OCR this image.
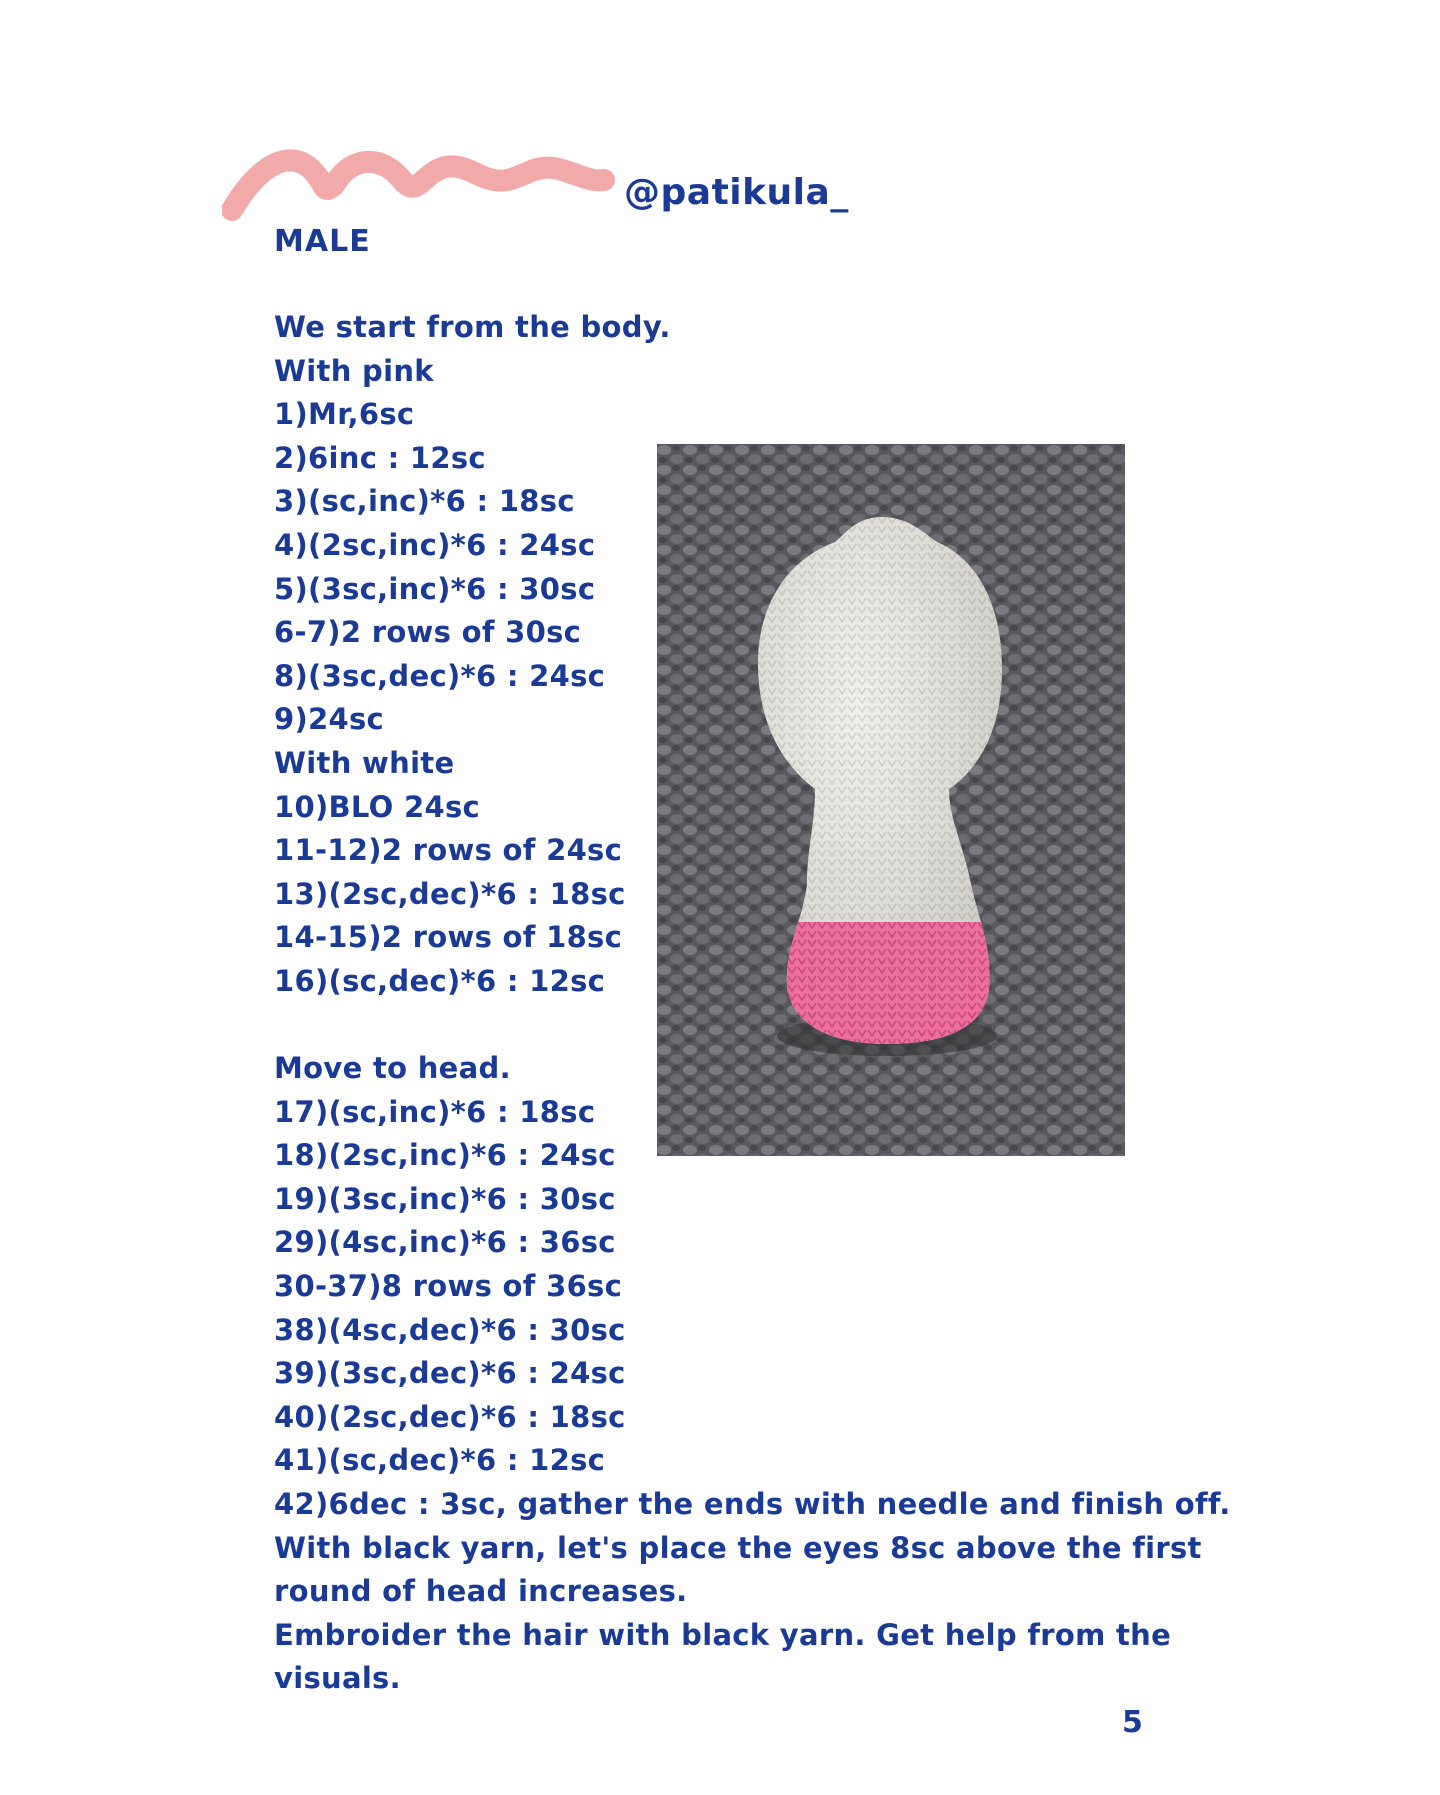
@patikula_
MALE
We start from the body.
With pink
1)Mr,6sc
2)6inc : 12sc
3)(sc,inc)*6 : 18sc
4)(2sc,inc)*6 : 24sc
5)(3sc,inc)*6 : 30sc
6-7)2 rows of 30sc
8)(3sc,dec)*6 : 24sc
9)24sc
With white
10)BLO 24sc
11-12)2 rows of 24sc
13)(2sc,dec)*6 : 18sc
14-15)2 rows of 18sc
16)(sc,dec)*6 : 12sc
Move to head.
17)(sc,inc)*6 : 18sc
18)(2sc,inc)*6 : 24sc
19)(3sc,inc)*6 : 30sc
29)(4sc,inc)*6 : 36sc
30-37)8 rows of 36sc
38)(4sc,dec)*6 : 30sc
39)(3sc,dec)*6 : 24sc
40)(2sc,dec)*6 : 18sc
41)(sc,dec)*6 : 12sc
42)6dec : 3sc, gather the ends with needle and finish off.
With black yarn, let's place the eyes 8sc above the first
round of head increases.
Embroider the hair with black yarn. Get help from the
visuals.
5
